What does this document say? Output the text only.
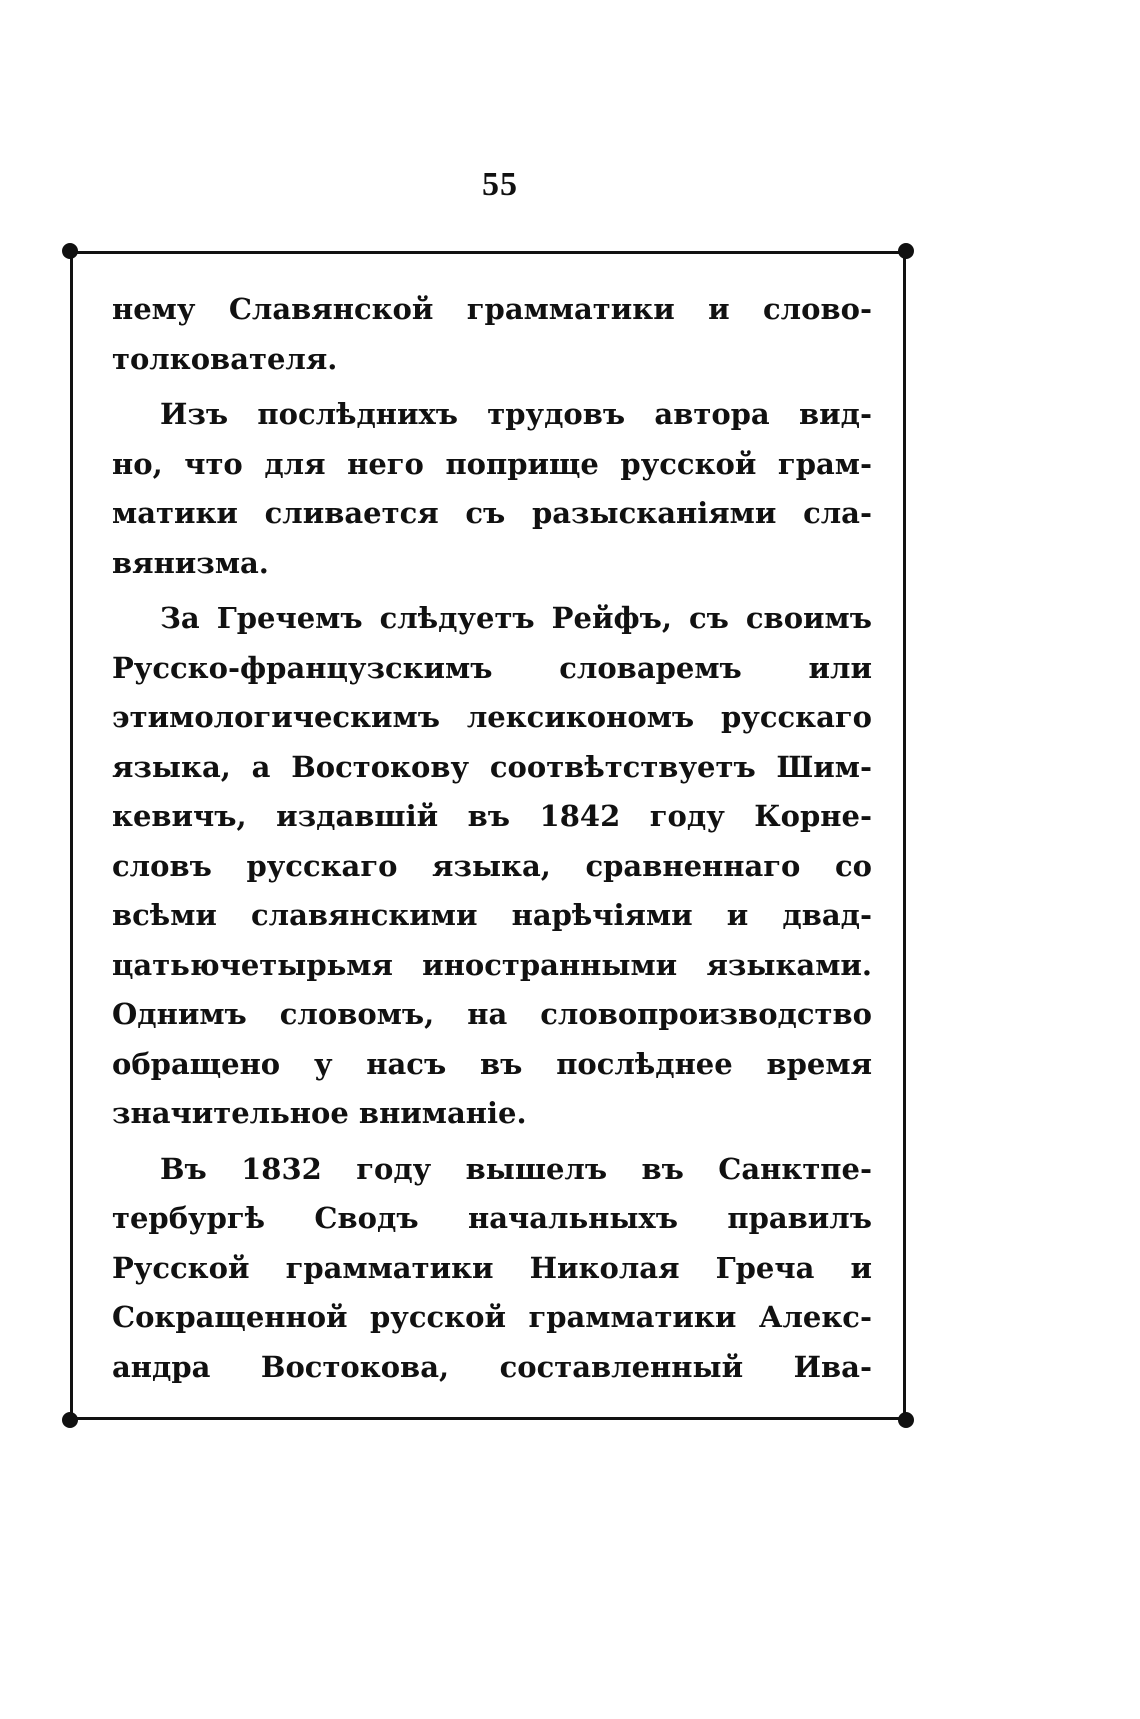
55
нему Славянской грамматики и слово-
толкователя.
Изъ послѣднихъ трудовъ автора вид-
но, что для него поприще русской грам-
матики сливается съ разысканіями сла-
вянизма.
За Гречемъ слѣдуетъ Рейфъ, съ своимъ
Русско-французскимъ словаремъ или
этимологическимъ лексикономъ русскаго
языка, а Востокову соотвѣтствуетъ Шим-
кевичъ, издавшій въ 1842 году Корне-
словъ русскаго языка, сравненнаго со
всѣми славянскими нарѣчіями и двад-
цатьючетырьмя иностранными языками.
Однимъ словомъ, на словопроизводство
обращено у насъ въ послѣднее время
значительное вниманіе.
Въ 1832 году вышелъ въ Санктпе-
тербургѣ Сводъ начальныхъ правилъ
Русской грамматики Николая Греча и
Сокращенной русской грамматики Алекс-
андра Востокова, составленный Ива-
